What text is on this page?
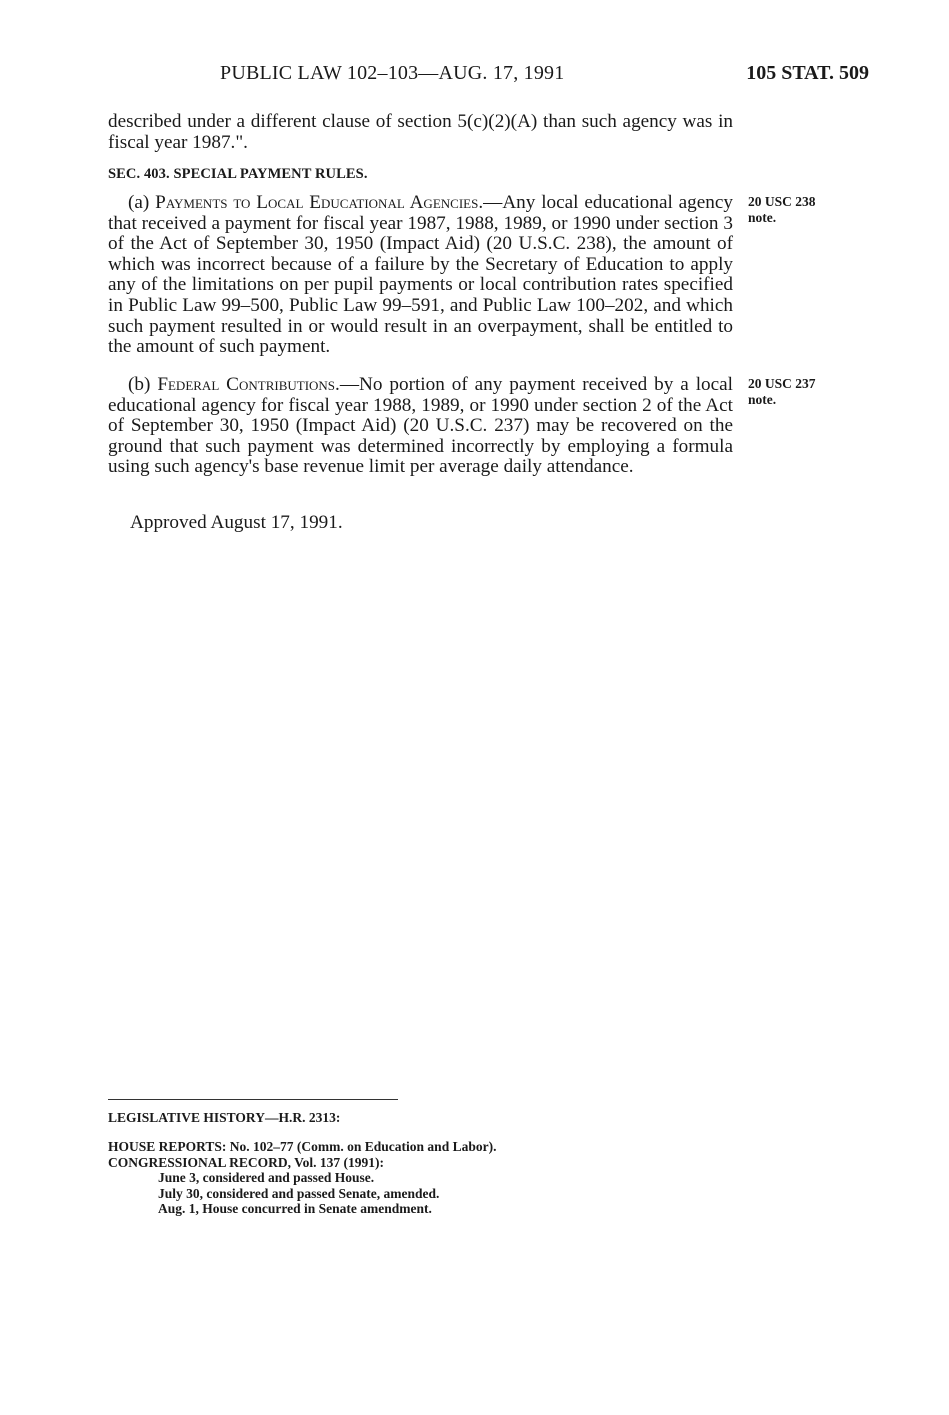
PUBLIC LAW 102–103—AUG. 17, 1991	105 STAT. 509
described under a different clause of section 5(c)(2)(A) than such agency was in fiscal year 1987.".
SEC. 403. SPECIAL PAYMENT RULES.
(a) Payments to Local Educational Agencies.—Any local educational agency that received a payment for fiscal year 1987, 1988, 1989, or 1990 under section 3 of the Act of September 30, 1950 (Impact Aid) (20 U.S.C. 238), the amount of which was incorrect because of a failure by the Secretary of Education to apply any of the limitations on per pupil payments or local contribution rates specified in Public Law 99–500, Public Law 99–591, and Public Law 100–202, and which such payment resulted in or would result in an overpayment, shall be entitled to the amount of such payment.
20 USC 238
note.
(b) Federal Contributions.—No portion of any payment received by a local educational agency for fiscal year 1988, 1989, or 1990 under section 2 of the Act of September 30, 1950 (Impact Aid) (20 U.S.C. 237) may be recovered on the ground that such payment was determined incorrectly by employing a formula using such agency's base revenue limit per average daily attendance.
20 USC 237
note.
Approved August 17, 1991.
LEGISLATIVE HISTORY—H.R. 2313:
HOUSE REPORTS: No. 102–77 (Comm. on Education and Labor).
CONGRESSIONAL RECORD, Vol. 137 (1991):
June 3, considered and passed House.
July 30, considered and passed Senate, amended.
Aug. 1, House concurred in Senate amendment.
